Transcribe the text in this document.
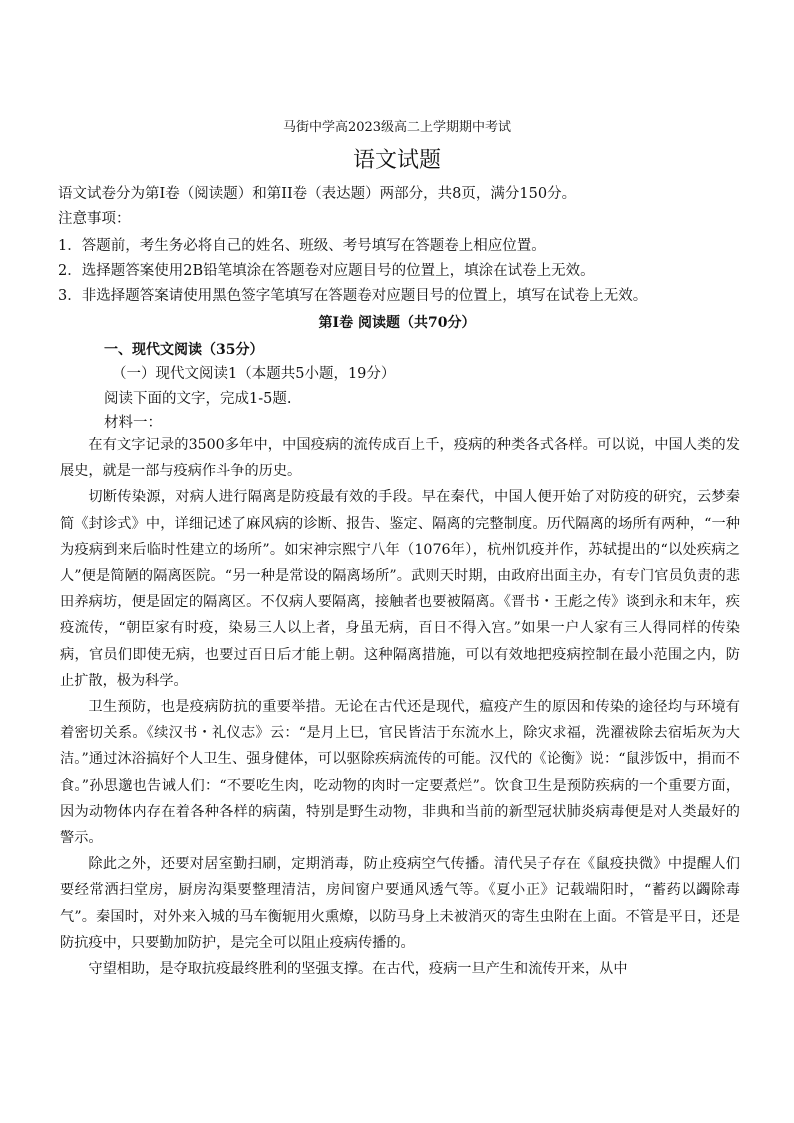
马街中学高2023级高二上学期期中考试
语文试题
语文试卷分为第I卷（阅读题）和第II卷（表达题）两部分，共8页，满分150分。
注意事项：
1．答题前，考生务必将自己的姓名、班级、考号填写在答题卷上相应位置。
2．选择题答案使用2B铅笔填涂在答题卷对应题目号的位置上，填涂在试卷上无效。
3．非选择题答案请使用黑色签字笔填写在答题卷对应题目号的位置上，填写在试卷上无效。
第I卷 阅读题（共70分）
一、现代文阅读（35分）
（一）现代文阅读1（本题共5小题，19分）
阅读下面的文字，完成1-5题.
材料一：

在有文字记录的3500多年中，中国疫病的流传成百上千，疫病的种类各式各样。可以说，中国人类的发展史，就是一部与疫病作斗争的历史。

切断传染源，对病人进行隔离是防疫最有效的手段。早在秦代，中国人便开始了对防疫的研究，云梦秦简《封诊式》中，详细记述了麻风病的诊断、报告、鉴定、隔离的完整制度。历代隔离的场所有两种，“一种为疫病到来后临时性建立的场所”。如宋神宗熙宁八年（1076年），杭州饥疫并作，苏轼提出的“以处疾病之人”便是简陋的隔离医院。“另一种是常设的隔离场所”。武则天时期，由政府出面主办，有专门官员负责的悲田养病坊，便是固定的隔离区。不仅病人要隔离，接触者也要被隔离。《晋书・王彪之传》谈到永和末年，疾疫流传，“朝臣家有时疫，染易三人以上者，身虽无病，百日不得入宫。”如果一户人家有三人得同样的传染病，官员们即使无病，也要过百日后才能上朝。这种隔离措施，可以有效地把疫病控制在最小范围之内，防止扩散，极为科学。

卫生预防，也是疫病防抗的重要举措。无论在古代还是现代，瘟疫产生的原因和传染的途径均与环境有着密切关系。《续汉书・礼仪志》云：“是月上巳，官民皆洁于东流水上，除灾求福，洗濯祓除去宿垢灰为大洁。”通过沐浴搞好个人卫生、强身健体，可以驱除疾病流传的可能。汉代的《论衡》说：“鼠涉饭中，捐而不食。”孙思邈也告诫人们：“不要吃生肉，吃动物的肉时一定要煮烂”。饮食卫生是预防疾病的一个重要方面，因为动物体内存在着各种各样的病菌，特别是野生动物，非典和当前的新型冠状肺炎病毒便是对人类最好的警示。

除此之外，还要对居室勤扫刷，定期消毒，防止疫病空气传播。清代吴子存在《鼠疫抉微》中提醒人们要经常洒扫堂房，厨房沟渠要整理清洁，房间窗户要通风透气等。《夏小正》记载端阳时，“蓄药以蠲除毒气”。秦国时，对外来入城的马车衡轭用火熏燎，以防马身上未被消灭的寄生虫附在上面。不管是平日，还是防抗疫中，只要勤加防护，是完全可以阻止疫病传播的。

守望相助，是夺取抗疫最终胜利的坚强支撑。在古代，疫病一旦产生和流传开来，从中
